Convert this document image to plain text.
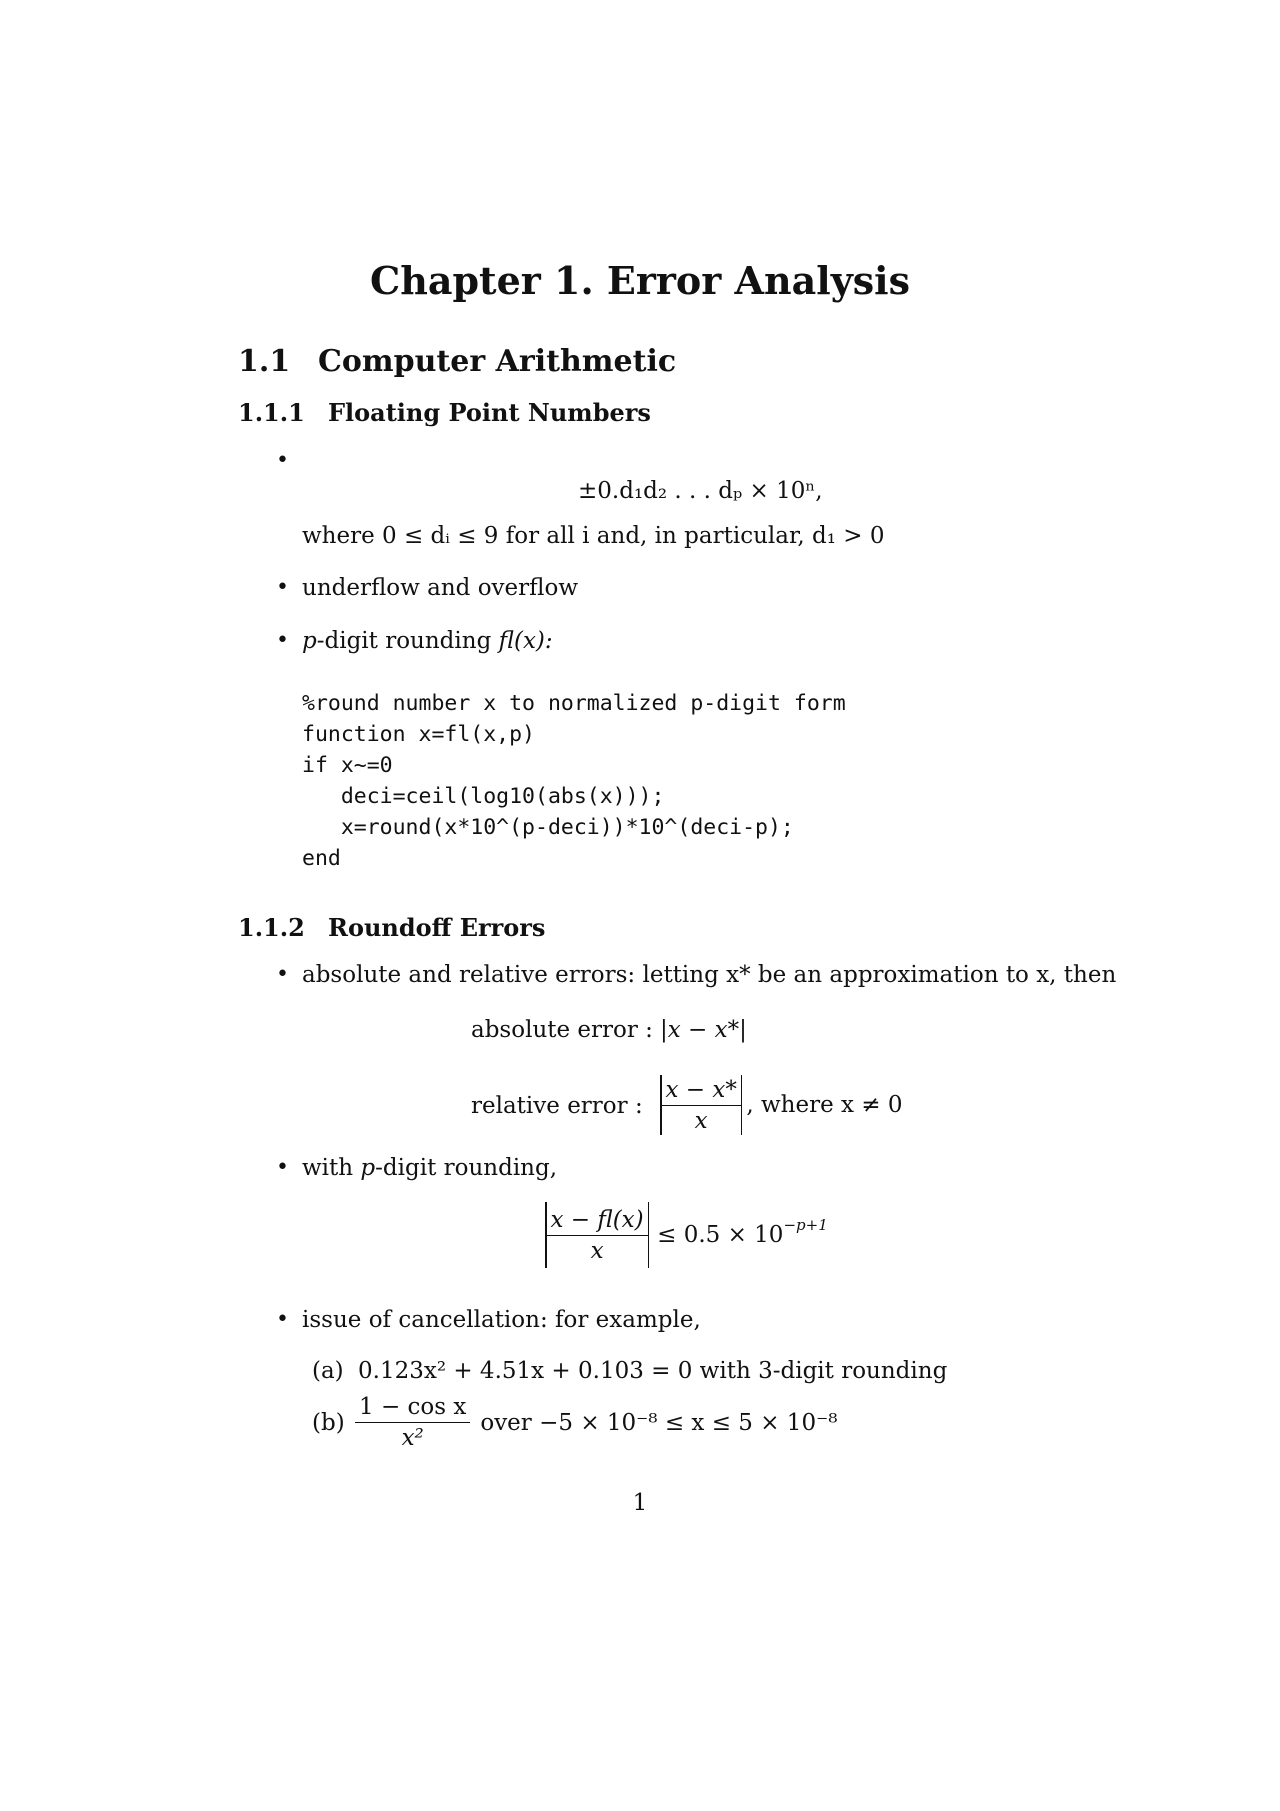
Chapter 1. Error Analysis
1.1 Computer Arithmetic
1.1.1 Floating Point Numbers
•
±0.d₁d₂ . . . dₚ × 10ⁿ,
where 0 ≤ dᵢ ≤ 9 for all i and, in particular, d₁ > 0
• underflow and overflow
• p-digit rounding fl(x):
%round number x to normalized p-digit form
function x=fl(x,p)
if x~=0
deci=ceil(log10(abs(x)));
x=round(x*10^(p-deci))*10^(deci-p);
end
1.1.2 Roundoff Errors
• absolute and relative errors: letting x* be an approximation to x, then
absolute error : |x − x*|
relative error : $\frac{x - x*}{x}$ , where x ≠ 0
• with p-digit rounding,
$\frac{x - fl(x)}{x} \le 0.5 \times 10^{-p+1}$
• issue of cancellation: for example,
(a) 0.123x² + 4.51x + 0.103 = 0 with 3-digit rounding
$(b) \frac{\text{1 − cos x}}{\text{x²}}$ over −5 × 10⁻⁸ ≤ x ≤ 5 × 10⁻⁸
1
